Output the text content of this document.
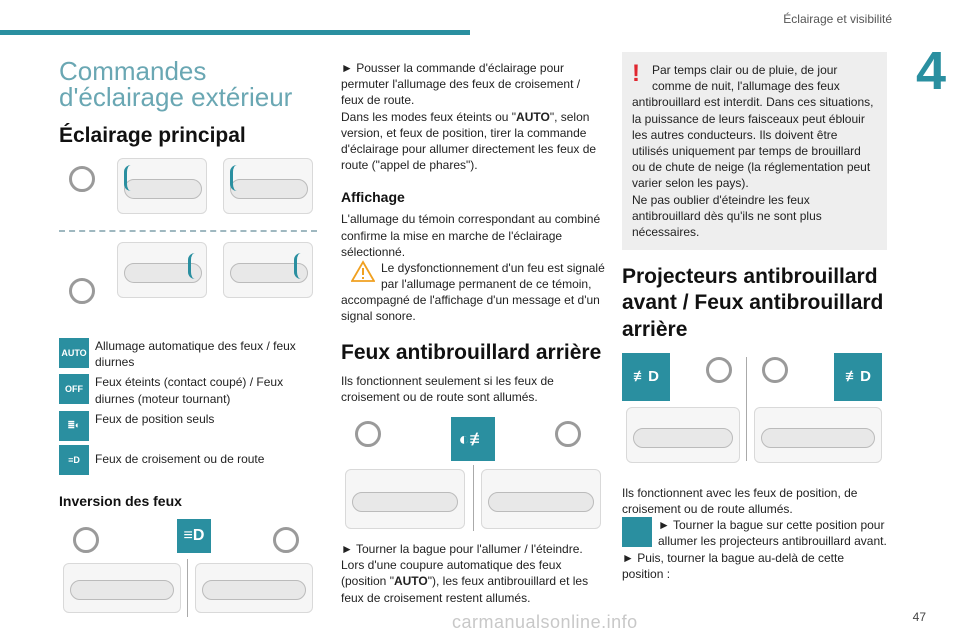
Éclairage et visibilité
4
Commandes d'éclairage extérieur
Éclairage principal
AUTO Allumage automatique des feux / feux diurnes
OFF	Feux éteints (contact coupé) / Feux diurnes (moteur tournant)
≣◐	Feux de position seuls
≡D	Feux de croisement ou de route
Inversion des feux
≡D

► Pousser la commande d'éclairage pour permuter l'allumage des feux de croisement / feux de route.

Dans les modes feux éteints ou "AUTO", selon version, et feux de position, tirer la commande d'éclairage pour allumer directement les feux de route ("appel de phares").

Affichage

L'allumage du témoin correspondant au combiné confirme la mise en marche de l'éclairage sélectionné.

Le dysfonctionnement d'un feu est signalé par l'allumage permanent de ce témoin, accompagné de l'affichage d'un message et d'un signal sonore.

Feux antibrouillard arrière

Ils fonctionnent seulement si les feux de croisement ou de route sont allumés.

◐≢

► Tourner la bague pour l'allumer / l'éteindre.

Lors d'une coupure automatique des feux (position "AUTO"), les feux antibrouillard et les feux de croisement restent allumés.

!	Par temps clair ou de pluie, de jour comme de nuit, l'allumage des feux antibrouillard est interdit. Dans ces situations, la puissance de leurs faisceaux peut éblouir les autres conducteurs. Ils doivent être utilisés uniquement par temps de brouillard ou de chute de neige (la réglementation peut varier selon les pays).

Ne pas oublier d'éteindre les feux antibrouillard dès qu'ils ne sont plus nécessaires.

Projecteurs antibrouillard avant / Feux antibrouillard arrière
≢D	≢D

Ils fonctionnent avec les feux de position, de croisement ou de route allumés.

► Tourner la bague sur cette position pour allumer les projecteurs antibrouillard avant.

► Puis, tourner la bague au-delà de cette position :

carmanualsonline.info	47
